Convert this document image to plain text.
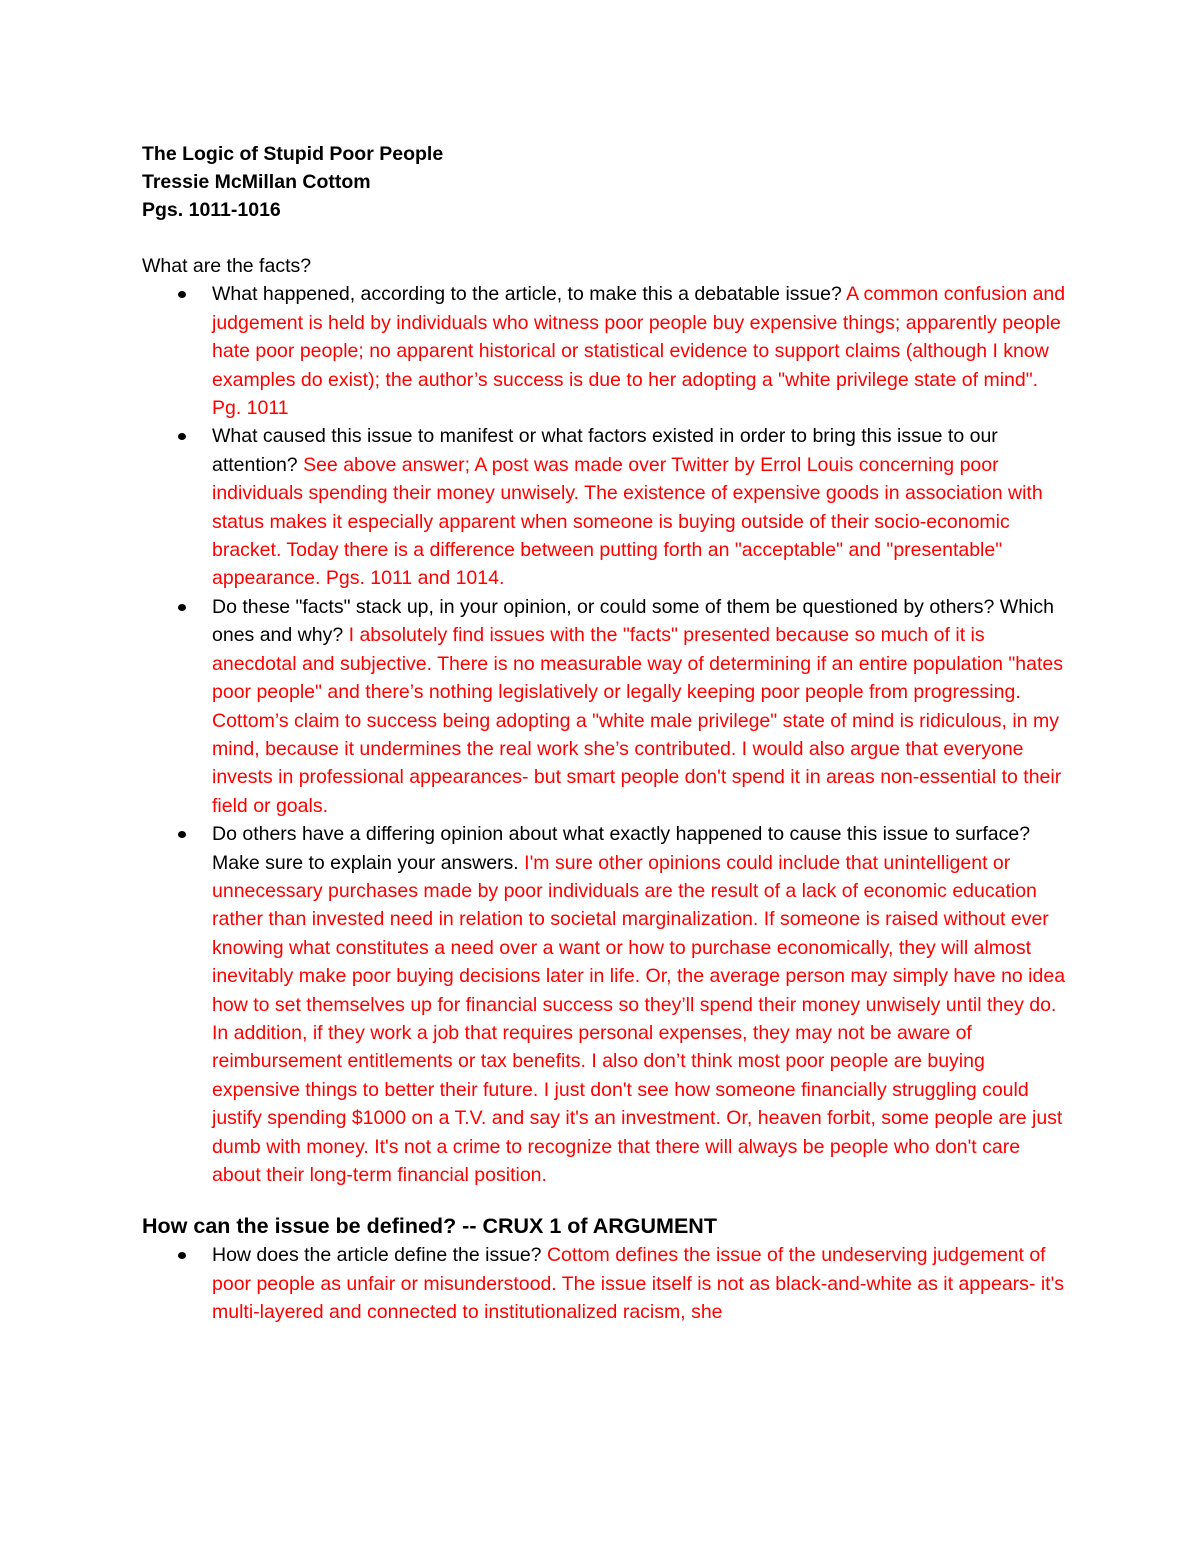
The Logic of Stupid Poor People

Tressie McMillan Cottom

Pgs. 1011-1016

What are the facts?

What happened, according to the article, to make this a debatable issue? A common confusion and judgement is held by individuals who witness poor people buy expensive things; apparently people hate poor people; no apparent historical or statistical evidence to support claims (although I know examples do exist); the author’s success is due to her adopting a "white privilege state of mind". Pg. 1011
What caused this issue to manifest or what factors existed in order to bring this issue to our attention? See above answer; A post was made over Twitter by Errol Louis concerning poor individuals spending their money unwisely. The existence of expensive goods in association with status makes it especially apparent when someone is buying outside of their socio-economic bracket. Today there is a difference between putting forth an "acceptable" and "presentable" appearance. Pgs. 1011 and 1014.
Do these "facts" stack up, in your opinion, or could some of them be questioned by others? Which ones and why? I absolutely find issues with the "facts" presented because so much of it is anecdotal and subjective. There is no measurable way of determining if an entire population "hates poor people" and there’s nothing legislatively or legally keeping poor people from progressing. Cottom’s claim to success being adopting a "white male privilege" state of mind is ridiculous, in my mind, because it undermines the real work she’s contributed. I would also argue that everyone invests in professional appearances- but smart people don't spend it in areas non-essential to their field or goals.
Do others have a differing opinion about what exactly happened to cause this issue to surface? Make sure to explain your answers. I'm sure other opinions could include that unintelligent or unnecessary purchases made by poor individuals are the result of a lack of economic education rather than invested need in relation to societal marginalization. If someone is raised without ever knowing what constitutes a need over a want or how to purchase economically, they will almost inevitably make poor buying decisions later in life. Or, the average person may simply have no idea how to set themselves up for financial success so they’ll spend their money unwisely until they do. In addition, if they work a job that requires personal expenses, they may not be aware of reimbursement entitlements or tax benefits. I also don’t think most poor people are buying expensive things to better their future. I just don't see how someone financially struggling could justify spending $1000 on a T.V. and say it's an investment. Or, heaven forbit, some people are just dumb with money. It's not a crime to recognize that there will always be people who don't care about their long-term financial position.
How can the issue be defined? -- CRUX 1 of ARGUMENT
How does the article define the issue? Cottom defines the issue of the undeserving judgement of poor people as unfair or misunderstood. The issue itself is not as black-and-white as it appears- it's multi-layered and connected to institutionalized racism, she
